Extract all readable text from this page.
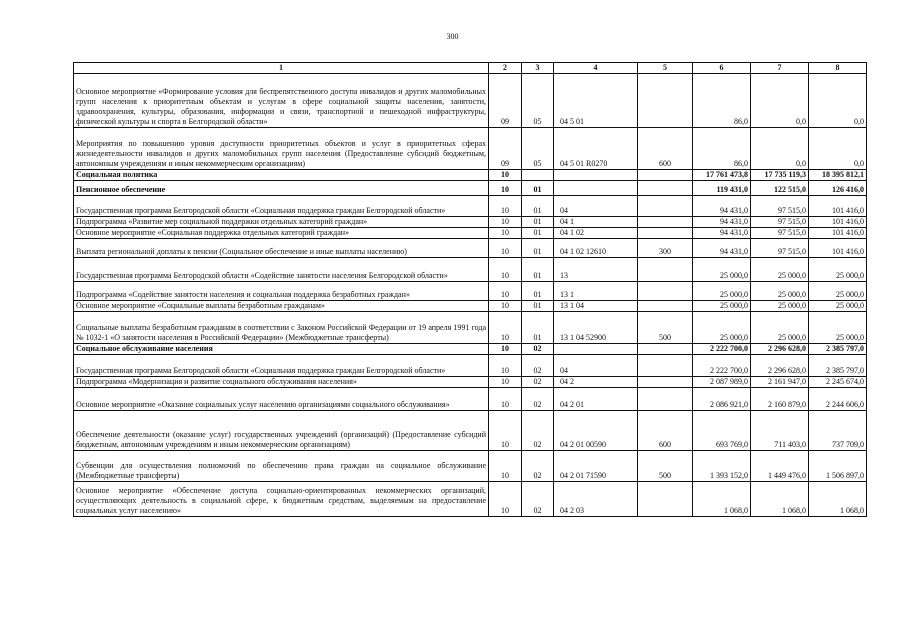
300
1	2	3	4	5	6	7	8
Основное мероприятие «Формирование условия для беспрепятственного доступа инвалидов и других маломобильных групп населения к приоритетным объектам и услугам в сфере социальной защиты населения, занятости, здравоохранения, культуры, образования, информации и связи, транспортной и пешеходной инфраструктуры, физической культуры и спорта в Белгородской области»	09	05	04 5 01		86,0	0,0	0,0
Мероприятия по повышению уровня доступности приоритетных объектов и услуг в приоритетных сферах жизнедеятельности инвалидов и других маломобильных групп населения (Предоставление субсидий бюджетным, автономным учреждениям и иным некоммерческим организациям)	09	05	04 5 01 R0270	600	86,0	0,0	0,0
Социальная политика	10				17 761 473,8	17 735 119,3	18 395 812,1
Пенсионное обеспечение	10	01			119 431,0	122 515,0	126 416,0
Государственная программа Белгородской области «Социальная поддержка граждан Белгородской области»	10	01	04		94 431,0	97 515,0	101 416,0
Подпрограмма «Развитие мер социальной поддержки отдельных категорий граждан»	10	01	04 1		94 431,0	97 515,0	101 416,0
Основное мероприятие «Социальная поддержка отдельных категорий граждан»	10	01	04 1 02		94 431,0	97 515,0	101 416,0
Выплата региональной доплаты к пенсии (Социальное обеспечение и иные выплаты населению)	10	01	04 1 02 12610	300	94 431,0	97 515,0	101 416,0
Государственная программа Белгородской области «Содействие занятости населения Белгородской области»	10	01	13		25 000,0	25 000,0	25 000,0
Подпрограмма «Содействие занятости населения и социальная поддержка безработных граждан»	10	01	13 1		25 000,0	25 000,0	25 000,0
Основное мероприятие «Социальные выплаты безработным гражданам»	10	01	13 1 04		25 000,0	25 000,0	25 000,0
Социальные выплаты безработным гражданам в соответствии с Законом Российской Федерации от 19 апреля 1991 года № 1032-1 «О занятости населения в Российской Федерации» (Межбюджетные трансферты)	10	01	13 1 04 52900	500	25 000,0	25 000,0	25 000,0
Социальное обслуживание населения	10	02			2 222 700,0	2 296 628,0	2 385 797,0
Государственная программа Белгородской области «Социальная поддержка граждан Белгородской области»	10	02	04		2 222 700,0	2 296 628,0	2 385 797,0
Подпрограмма «Модернизация и развитие социального обслуживания населения»	10	02	04 2		2 087 989,0	2 161 947,0	2 245 674,0
Основное мероприятие «Оказание социальных услуг населению организациями социального обслуживания»	10	02	04 2 01		2 086 921,0	2 160 879,0	2 244 606,0
Обеспечение деятельности (оказание услуг) государственных учреждений (организаций) (Предоставление субсидий бюджетным, автономным учреждениям и иным некоммерческим организациям)	10	02	04 2 01 00590	600	693 769,0	711 403,0	737 709,0
Субвенции для осуществления полномочий по обеспечению права граждан на социальное обслуживание (Межбюджетные трансферты)	10	02	04 2 01 71590	500	1 393 152,0	1 449 476,0	1 506 897,0
Основное мероприятие «Обеспечение доступа социально-ориентированных некоммерческих организаций, осуществляющих деятельность в социальной сфере, к бюджетным средствам, выделяемым на предоставление социальных услуг населению»	10	02	04 2 03		1 068,0	1 068,0	1 068,0
